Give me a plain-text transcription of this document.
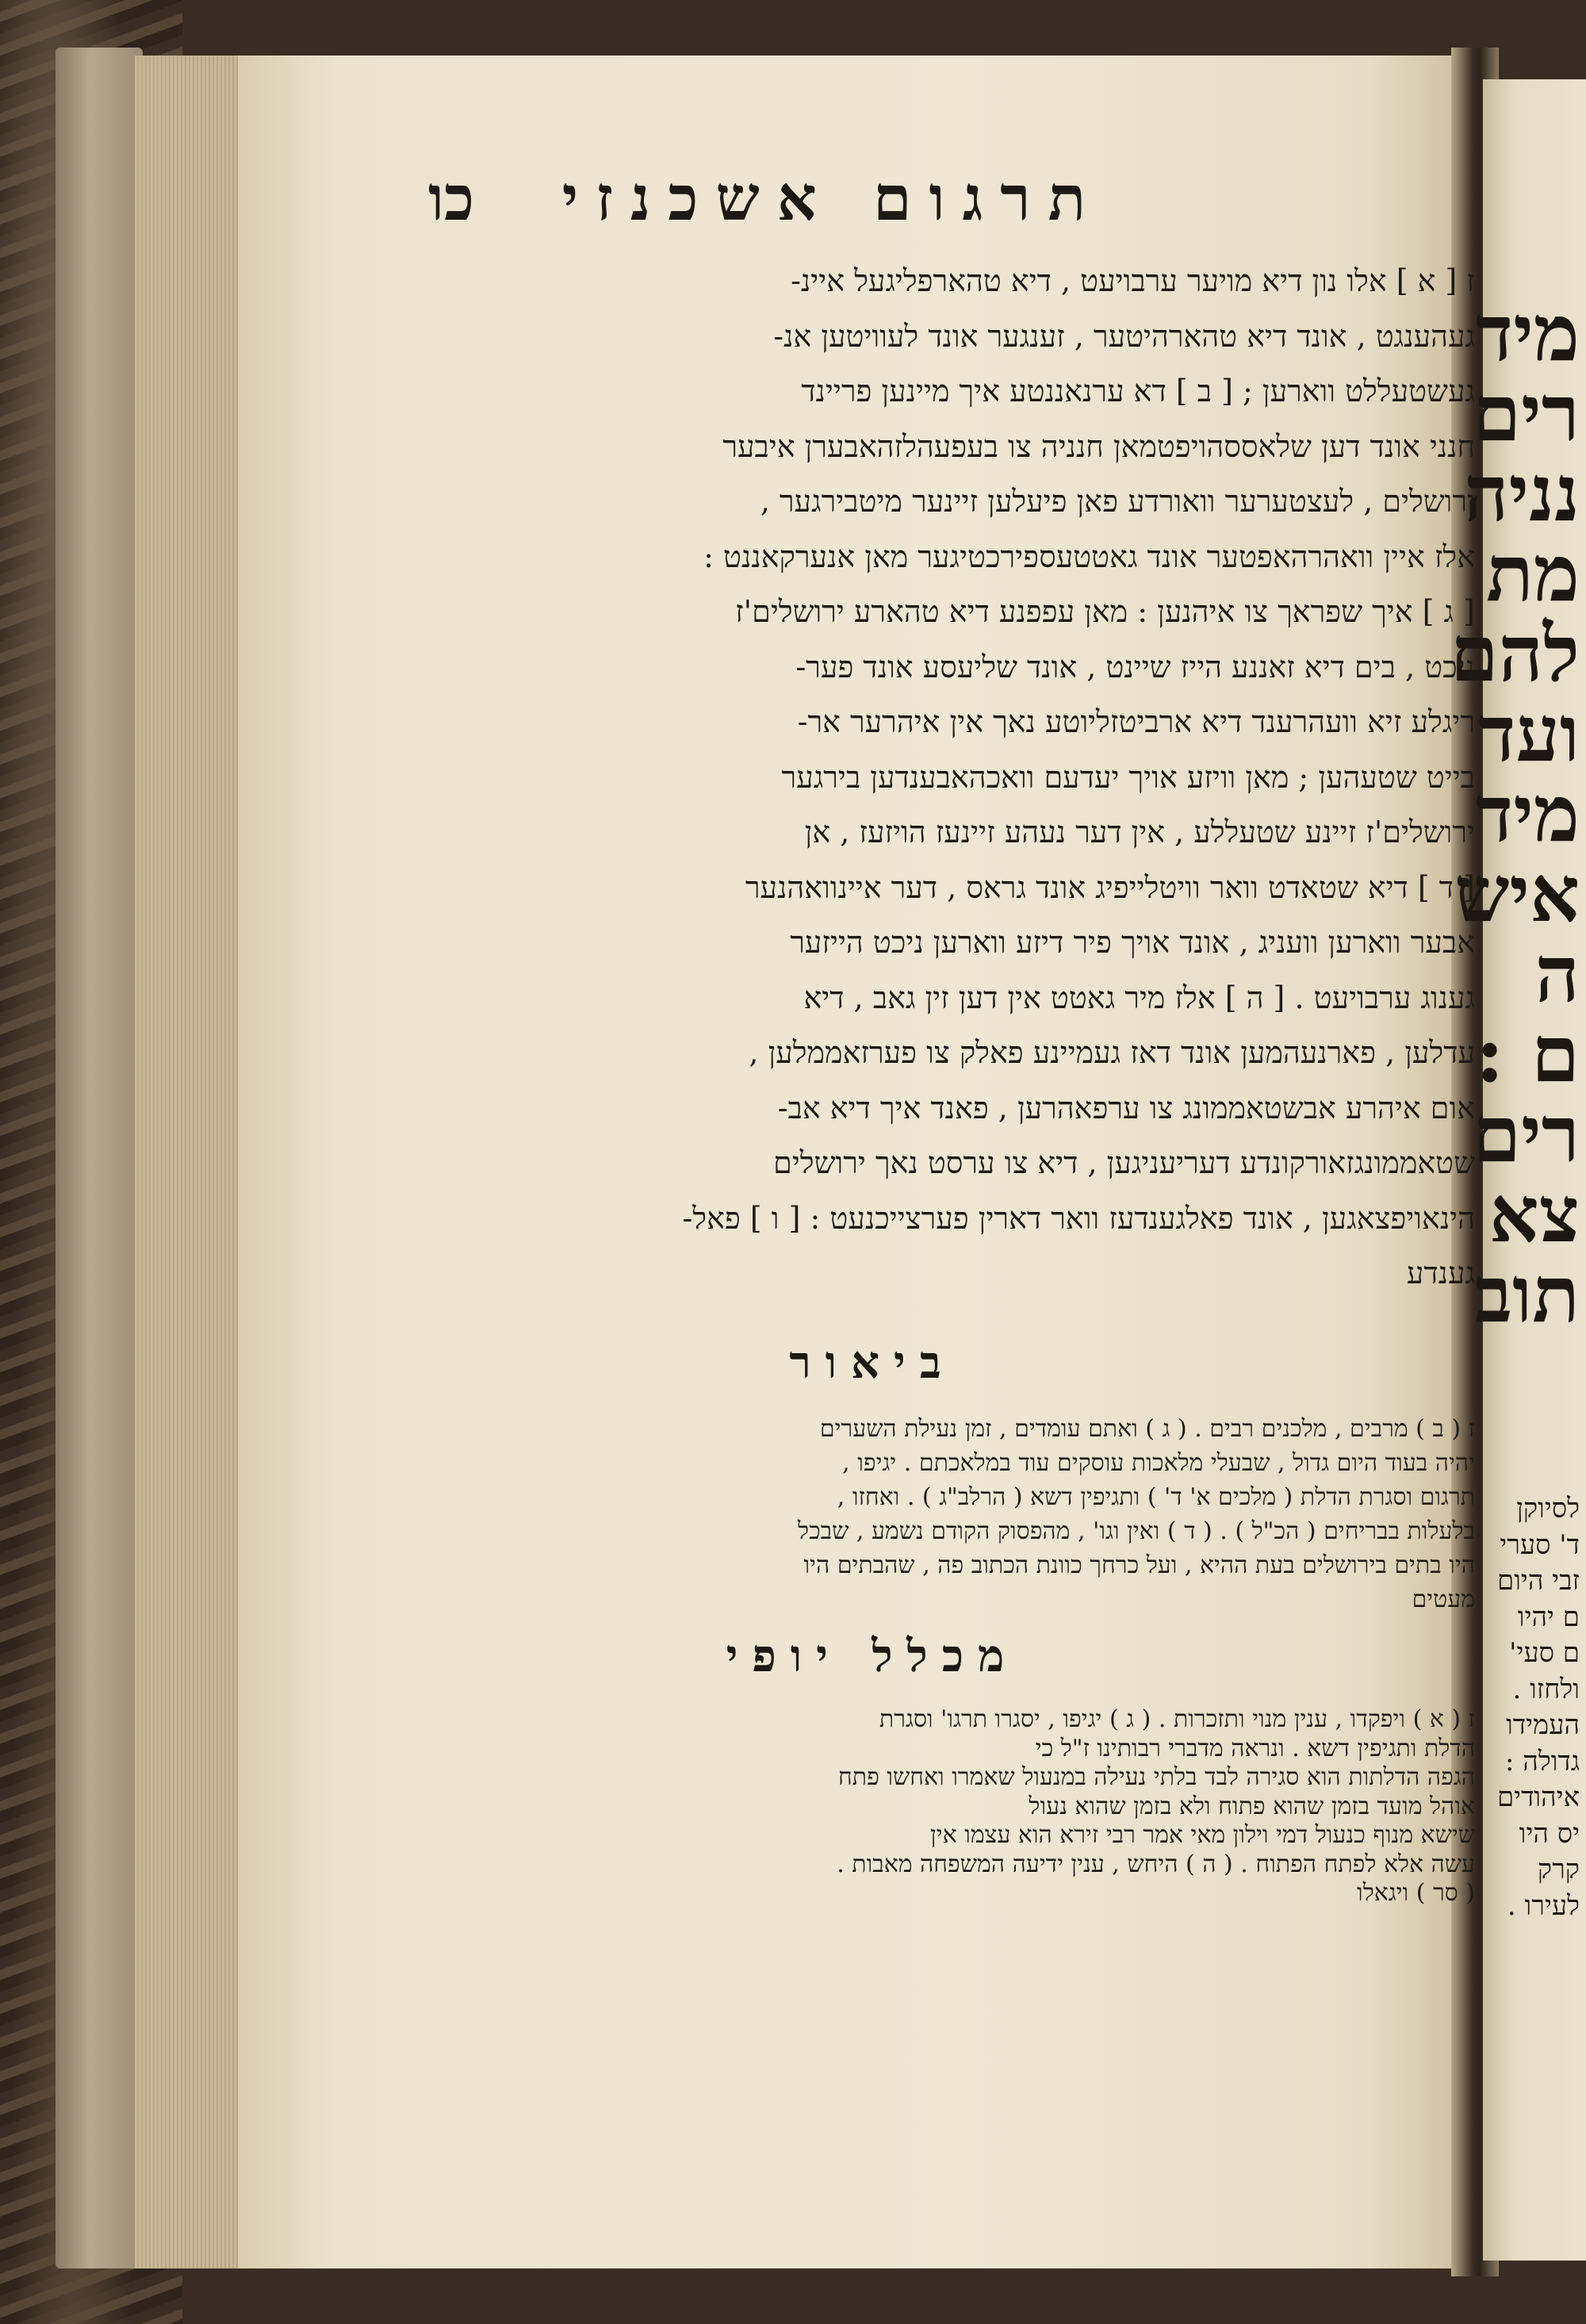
מיד
רים
נניה
מת
להם
ועד
מיד
איש
ה
ם :
רים
צא
תוב
לסיוקן
ד' סערי
זבי היום
ם יהיו
ם סעי'
ולחזו .
העמידו
גדולה :
איהודים
יס היו
קרק
לעירו .
תרגום אשכנזי
כו
ז [ א ] אלו נון דיא מויער ערבויעט , דיא טהארפליגעל איינ-
געהענגט , אונד דיא טהארהיטער , זענגער אונד לעוויטען אנ-
געשטעללט ווארען ; [ ב ] דא ערנאננטע איך מיינען פריינד
חנני אונד דען שלאססהויפטמאן חנניה צו בעפעהלזהאבערן איבער
ירושלים , לעצטערער וואורדע פאן פיעלען זיינער מיטבירגער ,
אלז איין וואהרהאפטער אונד גאטטעספירכטיגער מאן אנערקאננט :
[ ג ] איך שפראך צו איהנען : מאן עפפנע דיא טהארע ירושלים'ז
ניכט , בים דיא זאננע הייז שיינט , אונד שליעסע אונד פער-
ריגלע זיא וועהרענד דיא ארביטזליוטע נאך אין איהרער אר-
בייט שטעהען ; מאן וויזע אויך יעדעם וואכהאבענדען בירגער
ירושלים'ז זיינע שטעללע , אין דער נעהע זיינעז הויזעז , אן
[ ד ] דיא שטאדט וואר וויטלייפיג אונד גראס , דער איינוואהנער
אבער ווארען וועניג , אונד אויך פיר דיזע ווארען ניכט הייזער
גענוג ערבויעט . [ ה ] אלז מיר גאטט אין דען זין גאב , דיא
עדלען , פארנעהמען אונד דאז געמיינע פאלק צו פערזאממלען ,
אום איהרע אבשטאממונג צו ערפאהרען , פאנד איך דיא אב-
שטאממונגזאורקונדע דעריעניגען , דיא צו ערסט נאך ירושלים
הינאויפצאגען , אונד פאלגענדעז וואר דארין פערצייכנעט : [ ו ] פאל-
גענדע
ביאור
ז ( ב ) מרבים , מלכנים רבים . ( ג ) ואתם עומדים , זמן נעילת השערים
יהיה בעוד היום גדול , שבעלי מלאכות עוסקים עוד במלאכתם . יגיפו ,
תרגום וסגרת הדלת ( מלכים א' ד' ) ותגיפין דשא ( הרלב"ג ) . ואחזו ,
בלעלות בבריחים ( הכ"ל ) . ( ד ) ואין וגו' , מהפסוק הקודם נשמע , שבכל
היו בתים בירושלים בעת ההיא , ועל כרחך כוונת הכתוב פה , שהבתים היו
מעטים
מכלל יופי
ז ( א ) ויפקדו , ענין מנוי ותזכרות . ( ג ) יגיפו , יסגרו תרגו' וסגרת
הדלת ותגיפין דשא . ונראה מדברי רבותינו ז"ל כי
הגפה הדלתות הוא סגירה לבד בלתי נעילה במנעול שאמרו ואחשו פתח
אוהל מועד בזמן שהוא פתוח ולא בזמן שהוא נעול
שישא מנוף כנעול דמי וילון מאי אמר רבי זירא הוא עצמו אין
עשה אלא לפתח הפתוח . ( ה ) היחש , ענין ידיעה המשפחה מאבות .
( סר ) ויגאלו
